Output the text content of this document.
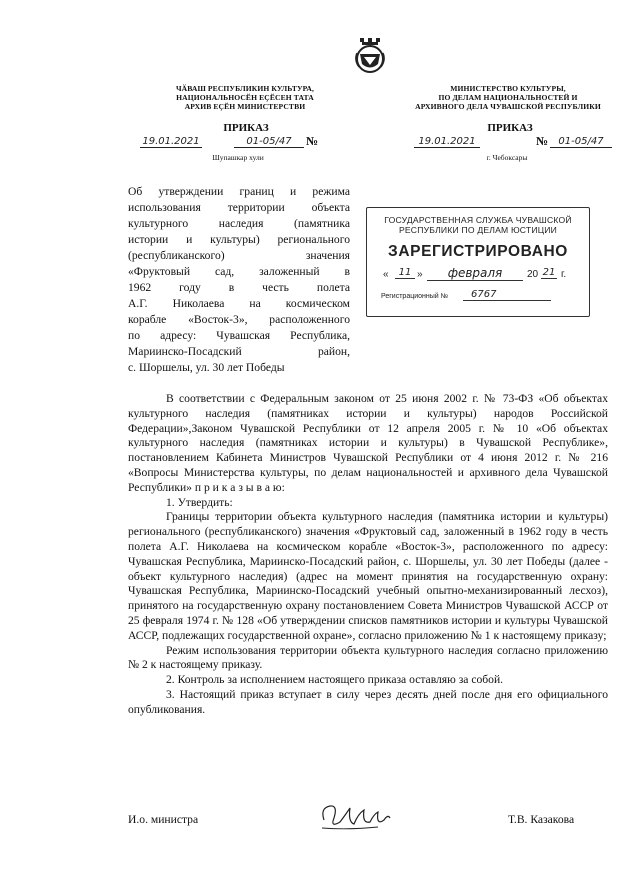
ЧӐВАШ РЕСПУБЛИКИН КУЛЬТУРА,
НАЦИОНАЛЬНОСӖН ЕҪӖСЕН ТАТА
АРХИВ ЕҪӖН МИНИСТЕРСТВИ
ПРИКАЗ
19.01.2021	01-05/47	№
Шупашкар хули
МИНИСТЕРСТВО КУЛЬТУРЫ,
ПО ДЕЛАМ НАЦИОНАЛЬНОСТЕЙ И
АРХИВНОГО ДЕЛА ЧУВАШСКОЙ РЕСПУБЛИКИ
ПРИКАЗ
19.01.2021	№	01-05/47
г. Чебоксары

Об утверждении границ и режима

использования территории объекта

культурного наследия (памятника

истории и культуры) регионального

(республиканского) значения

«Фруктовый сад, заложенный в

1962 году в честь полета

А.Г. Николаева на космическом

корабле «Восток-3», расположенного

по адресу: Чувашская Республика,

Мариинско-Посадский район,

с. Шоршелы, ул. 30 лет Победы

ГОСУДАРСТВЕННАЯ СЛУЖБА ЧУВАШСКОЙ
РЕСПУБЛИКИ ПО ДЕЛАМ ЮСТИЦИИ
ЗАРЕГИСТРИРОВАНО
«	11 »	февраля	20 21 г.
Регистрационный №	6767

В соответствии с Федеральным законом от 25 июня 2002 г. № 73-ФЗ «Об объектах культурного наследия (памятниках истории и культуры) народов Российской Федерации»,Законом Чувашской Республики от 12 апреля 2005 г. № 10 «Об объектах культурного наследия (памятниках истории и культуры) в Чувашской Республике», постановлением Кабинета Министров Чувашской Республики от 4 июня 2012 г. № 216 «Вопросы Министерства культуры, по делам национальностей и архивного дела Чувашской Республики» п р и к а з ы в а ю:

1. Утвердить:

Границы территории объекта культурного наследия (памятника истории и культуры) регионального (республиканского) значения «Фруктовый сад, заложенный в 1962 году в честь полета А.Г. Николаева на космическом корабле «Восток-3», расположенного по адресу: Чувашская Республика, Мариинско-Посадский район, с. Шоршелы, ул. 30 лет Победы (далее - объект культурного наследия) (адрес на момент принятия на государственную охрану: Чувашская Республика, Мариинско-Посадский учебный опытно-механизированный лесхоз), принятого на государственную охрану постановлением Совета Министров Чувашской АССР от 25 февраля 1974 г. № 128 «Об утверждении списков памятников истории и культуры Чувашской АССР, подлежащих государственной охране», согласно приложению № 1 к настоящему приказу;

Режим использования территории объекта культурного наследия согласно приложению № 2 к настоящему приказу.

2. Контроль за исполнением настоящего приказа оставляю за собой.

3. Настоящий приказ вступает в силу через десять дней после дня его официального опубликования.

И.о. министра	Т.В. Казакова
